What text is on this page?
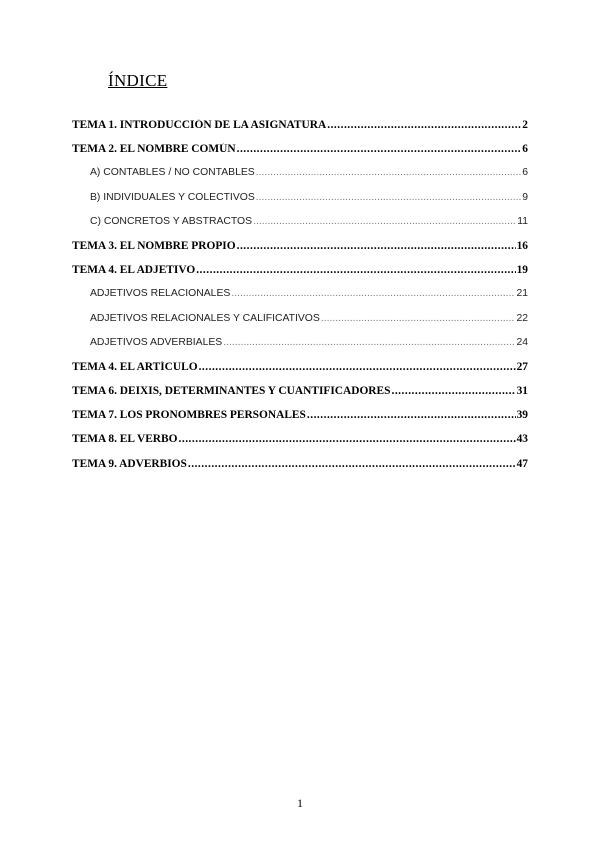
ÍNDICE
TEMA 1. INTRODUCCIÓN DE LA ASIGNATURA .....	2
TEMA 2. EL NOMBRE COMÚN .....	6
A) CONTABLES / NO CONTABLES .....	6
B) INDIVIDUALES Y COLECTIVOS .....	9
C) CONCRETOS Y ABSTRACTOS .....	11
TEMA 3. EL NOMBRE PROPIO .....	16
TEMA 4. EL ADJETIVO .....	19
ADJETIVOS RELACIONALES .....	21
ADJETIVOS RELACIONALES Y CALIFICATIVOS .....	22
ADJETIVOS ADVERBIALES .....	24
TEMA 4. EL ARTÍCULO .....	27
TEMA 6. DEIXIS, DETERMINANTES Y CUANTIFICADORES .....	31
TEMA 7. LOS PRONOMBRES PERSONALES .....	39
TEMA 8. EL VERBO .....	43
TEMA 9. ADVERBIOS .....	47
1
